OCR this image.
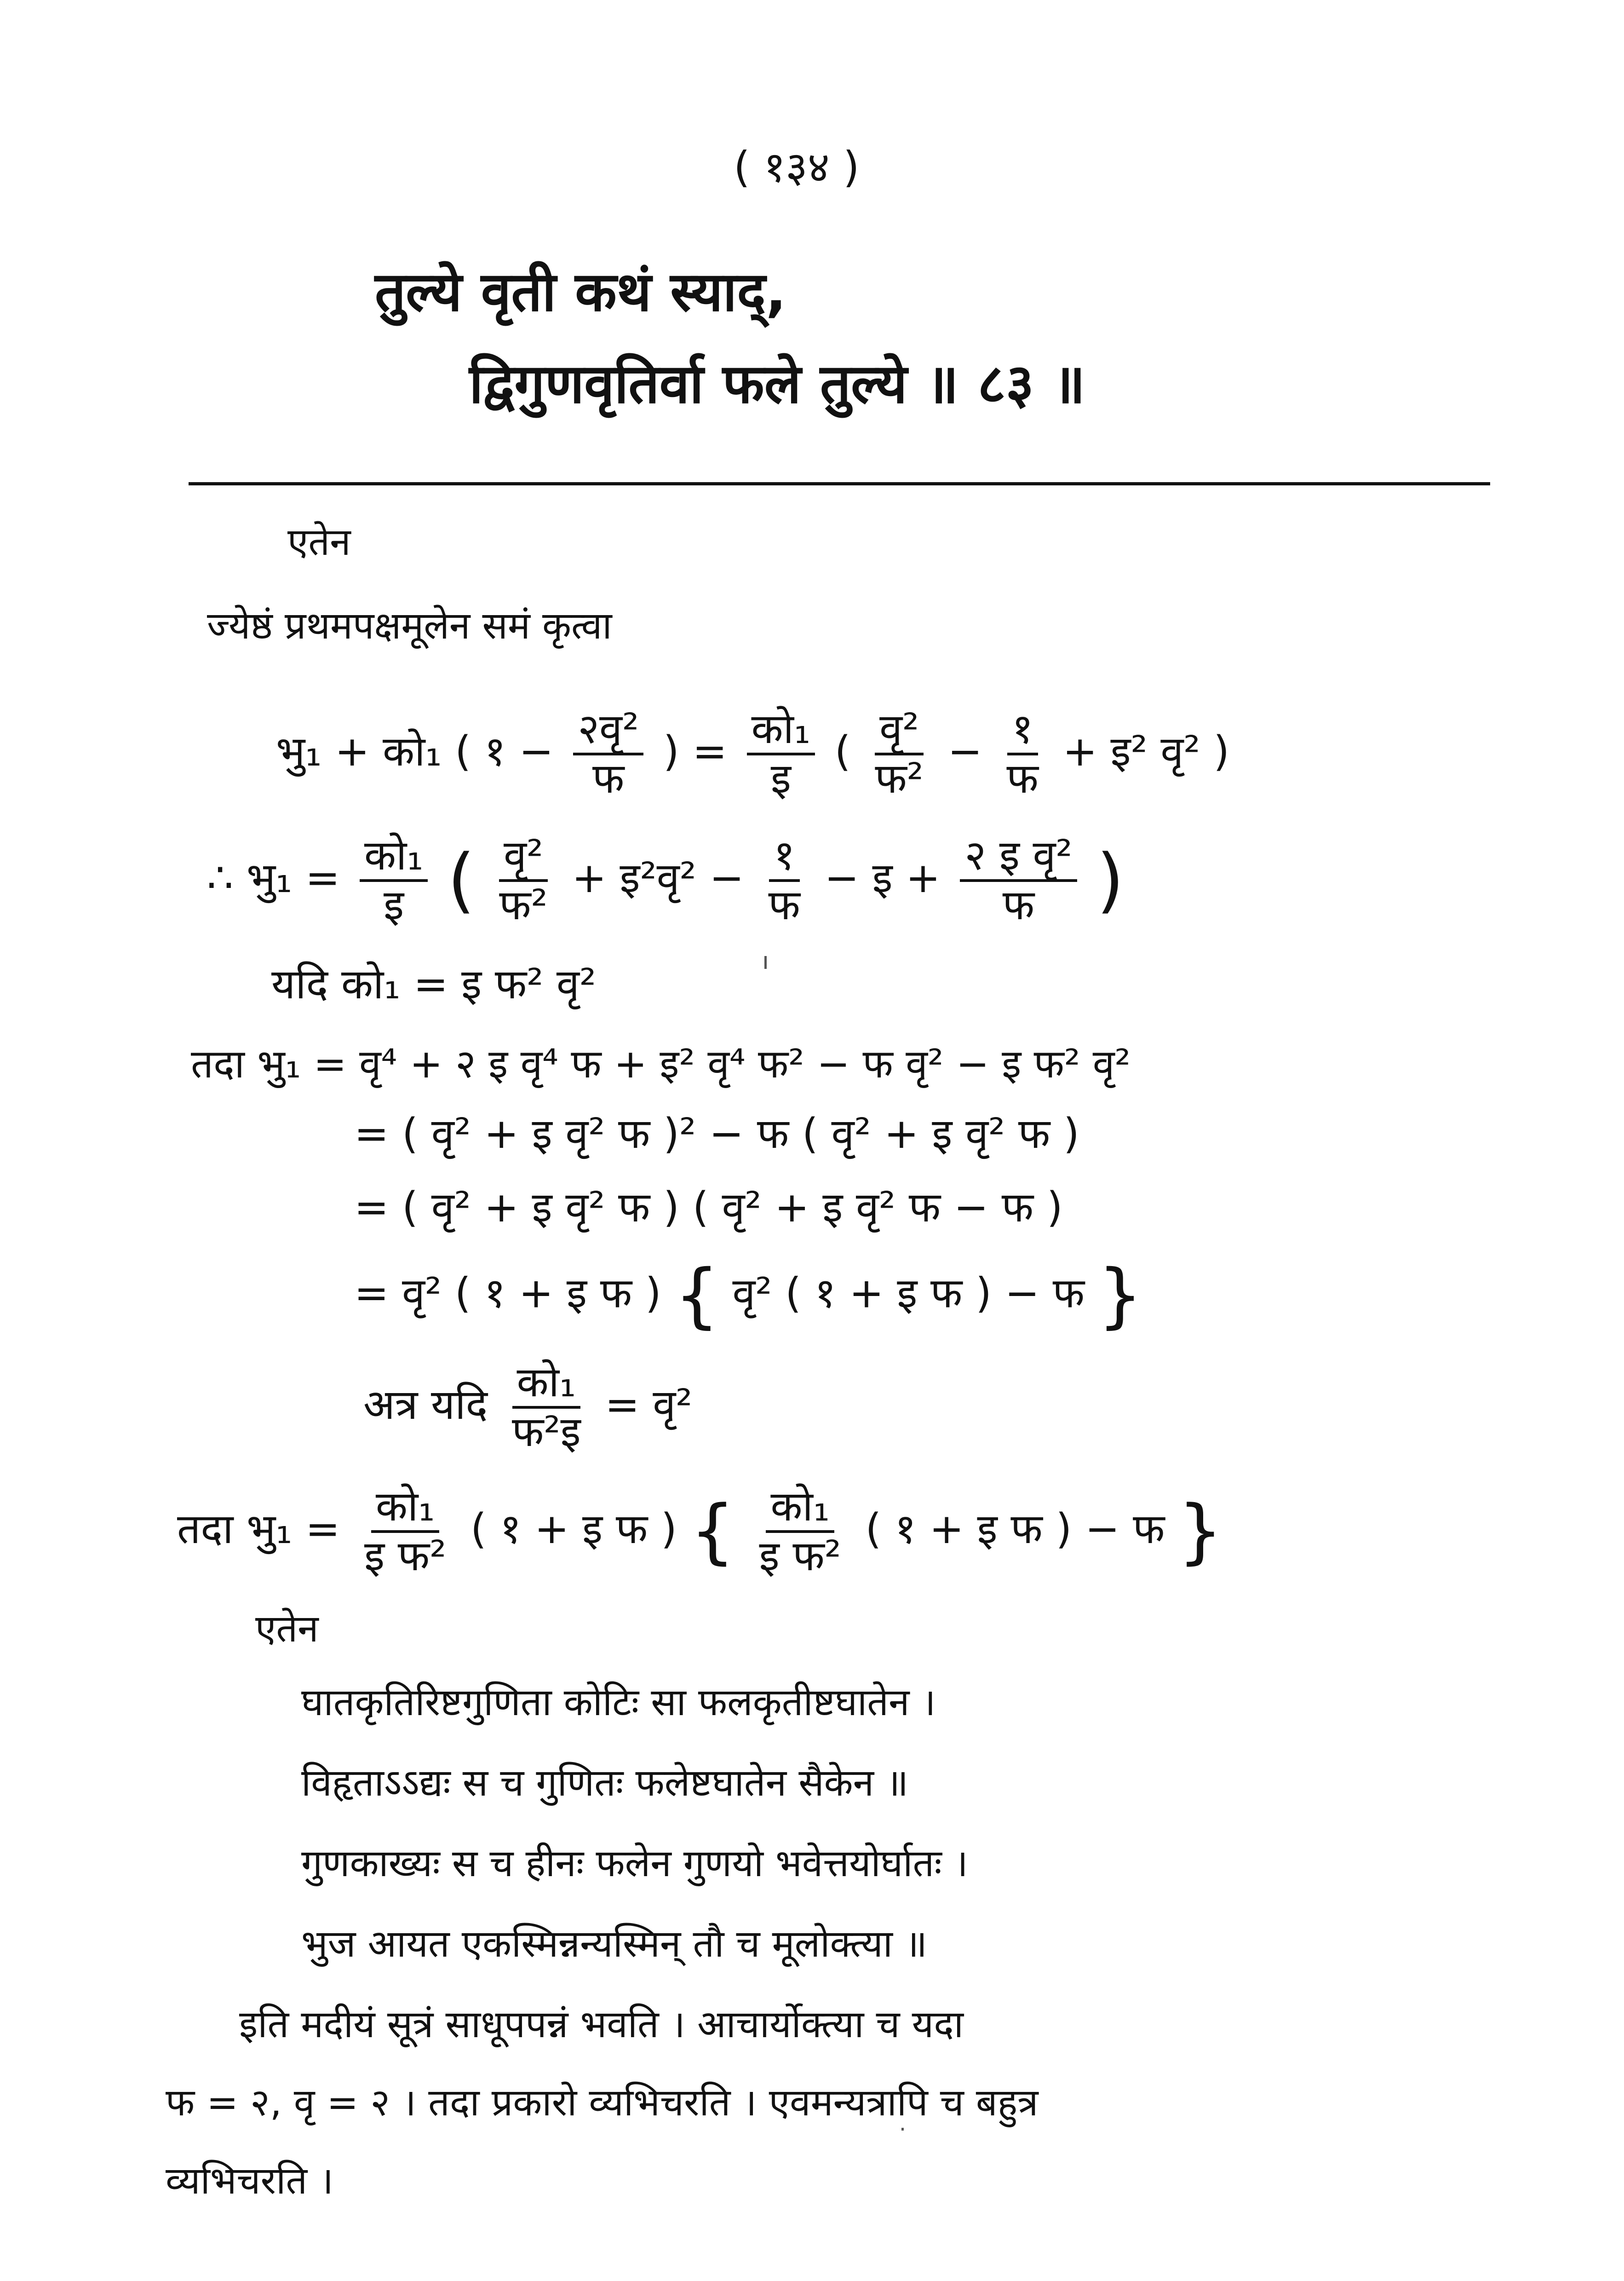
( १३४ )
तुल्ये वृती कथं स्याद्,
द्विगुणवृतिर्वा फले तुल्ये ॥ ८३ ॥
एतेन
ज्येष्ठं प्रथमपक्षमूलेन समं कृत्वा
भु₁ + को₁ ( १ − $\frac{\text{२वृ²}}{\text{फ}}$ ) = $\frac{\text{को₁}}{\text{इ}}$ ( $\frac{\text{वृ²}}{\text{फ²}} - \frac{१}{\text{फ}}$ + इ² वृ² )
∴ भु₁ = $\frac{\text{को₁}}{\text{इ}}$ ( $\frac{\text{वृ²}}{\text{फ²}}$ + इ²वृ² − $\frac{१}{\text{फ}}$ − इ + $\frac{\text{२ इ वृ²}}{\text{फ}}$ )
यदि को₁ = इ फ² वृ²
तदा भु₁ = वृ⁴ + २ इ वृ⁴ फ + इ² वृ⁴ फ² − फ वृ² − इ फ² वृ²
= ( वृ² + इ वृ² फ )² − फ ( वृ² + इ वृ² फ )
= ( वृ² + इ वृ² फ ) ( वृ² + इ वृ² फ − फ )
= वृ² ( १ + इ फ ) { वृ² ( १ + इ फ ) − फ }
अत्र यदि $\frac{\text{को₁}}{\text{फ²इ}}$ = वृ²
तदा भु₁ = $\frac{\text{को₁}}{\text{इ फ²}}$ ( १ + इ फ ) { $\frac{\text{को₁}}{\text{इ फ²}}$ ( १ + इ फ ) − फ }
एतेन
घातकृतिरिष्टगुणिता कोटिः सा फलकृतीष्टघातेन ।
विहृताऽऽद्यः स च गुणितः फलेष्टघातेन सैकेन ॥
गुणकाख्यः स च हीनः फलेन गुणयो भवेत्तयोर्घातः ।
भुज आयत एकस्मिन्नन्यस्मिन् तौ च मूलोक्त्या ॥
इति मदीयं सूत्रं साधूपपन्नं भवति । आचार्योक्त्या च यदा
फ = २, वृ = २ । तदा प्रकारो व्यभिचरति । एवमन्यत्रापि च बहुत्र
व्यभिचरति ।
